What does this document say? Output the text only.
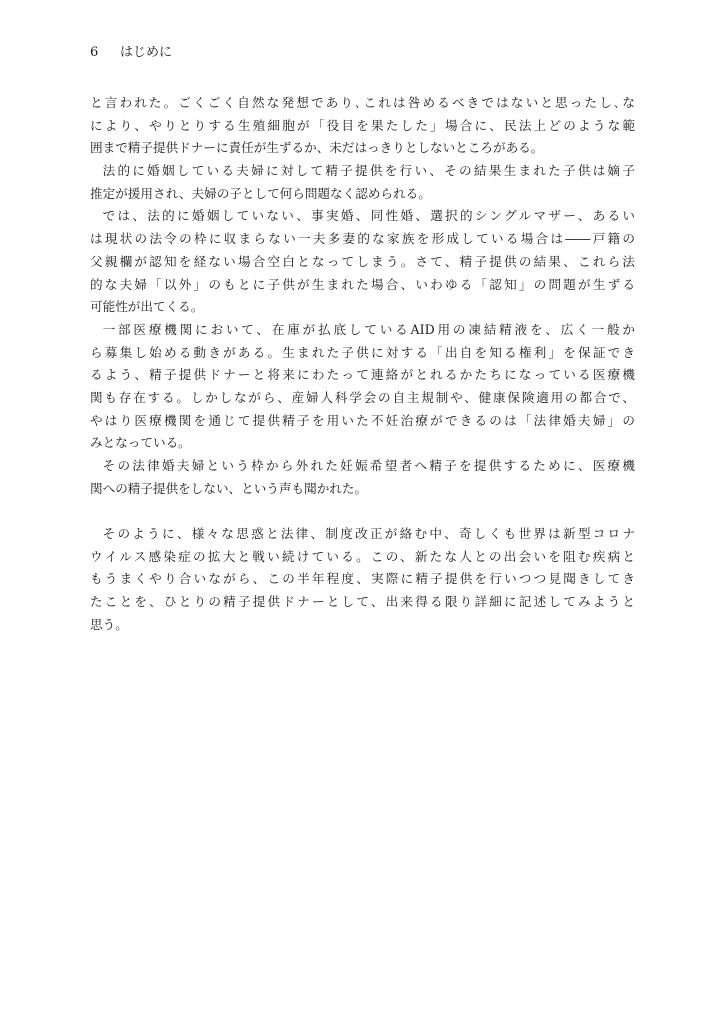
6 はじめに
と言われた。ごくごく自然な発想であり､これは咎めるべきではないと思ったし､な
により、やりとりする生殖細胞が「役目を果たした」場合に、民法上どのような範
囲まで精子提供ドナーに責任が生ずるか、未だはっきりとしないところがある。
法的に婚姻している夫婦に対して精子提供を行い、その結果生まれた子供は嫡子
推定が援用され、夫婦の子として何ら問題なく認められる。
では、法的に婚姻していない、事実婚、同性婚、選択的シングルマザー、あるい
は現状の法令の枠に収まらない一夫多妻的な家族を形成している場合は――戸籍の
父親欄が認知を経ない場合空白となってしまう。さて、精子提供の結果、これら法
的な夫婦「以外」のもとに子供が生まれた場合、いわゆる「認知」の問題が生ずる
可能性が出てくる。
一部医療機関において、在庫が払底しているAID用の凍結精液を、広く一般か
ら募集し始める動きがある。生まれた子供に対する「出自を知る権利」を保証でき
るよう、精子提供ドナーと将来にわたって連絡がとれるかたちになっている医療機
関も存在する。しかしながら、産婦人科学会の自主規制や、健康保険適用の都合で、
やはり医療機関を通じて提供精子を用いた不妊治療ができるのは「法律婚夫婦」の
みとなっている。
その法律婚夫婦という枠から外れた妊娠希望者へ精子を提供するために、医療機
関への精子提供をしない、という声も聞かれた。
そのように、様々な思惑と法律、制度改正が絡む中、奇しくも世界は新型コロナ
ウイルス感染症の拡大と戦い続けている。この、新たな人との出会いを阻む疾病と
もうまくやり合いながら、この半年程度、実際に精子提供を行いつつ見聞きしてき
たことを、ひとりの精子提供ドナーとして、出来得る限り詳細に記述してみようと
思う。
